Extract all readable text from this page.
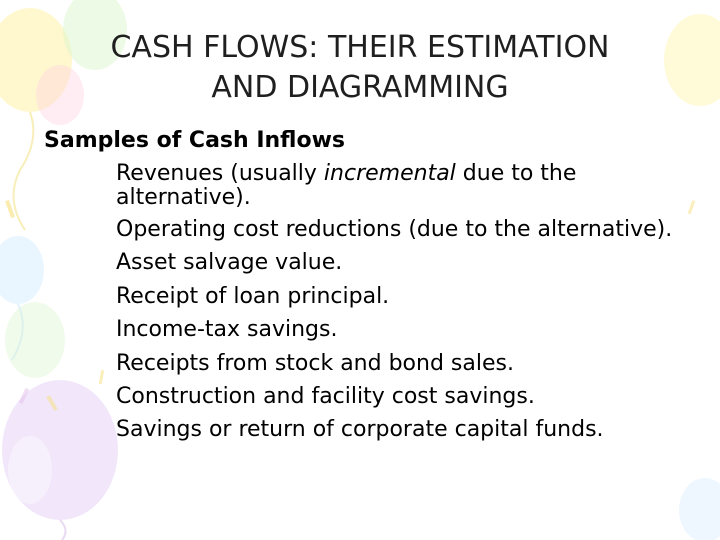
CASH FLOWS: THEIR ESTIMATION
AND DIAGRAMMING
Samples of Cash Inflows
Revenues (usually incremental due to the alternative).
Operating cost reductions (due to the alternative).
Asset salvage value.
Receipt of loan principal.
Income-tax savings.
Receipts from stock and bond sales.
Construction and facility cost savings.
Savings or return of corporate capital funds.
